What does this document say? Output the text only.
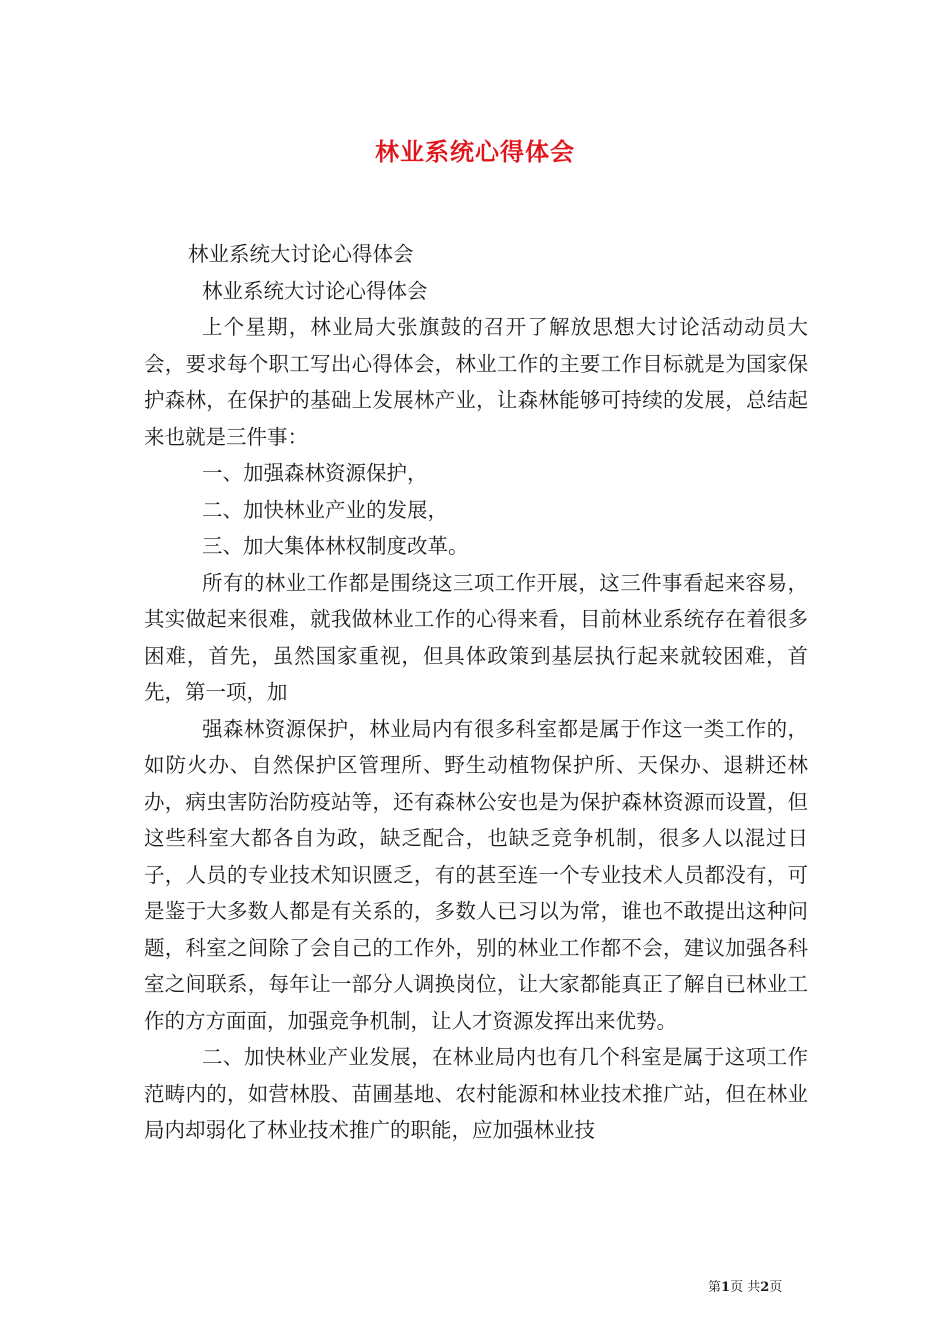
林业系统心得体会

林业系统大讨论心得体会

林业系统大讨论心得体会

上个星期，林业局大张旗鼓的召开了解放思想大讨论活动动员大会，要求每个职工写出心得体会，林业工作的主要工作目标就是为国家保护森林，在保护的基础上发展林产业，让森林能够可持续的发展，总结起来也就是三件事：

一、加强森林资源保护，

二、加快林业产业的发展，

三、加大集体林权制度改革。

所有的林业工作都是围绕这三项工作开展，这三件事看起来容易，其实做起来很难，就我做林业工作的心得来看，目前林业系统存在着很多困难，首先，虽然国家重视，但具体政策到基层执行起来就较困难，首先，第一项，加

强森林资源保护，林业局内有很多科室都是属于作这一类工作的，如防火办、自然保护区管理所、野生动植物保护所、天保办、退耕还林办，病虫害防治防疫站等，还有森林公安也是为保护森林资源而设置，但这些科室大都各自为政，缺乏配合，也缺乏竞争机制，很多人以混过日子，人员的专业技术知识匮乏，有的甚至连一个专业技术人员都没有，可是鉴于大多数人都是有关系的，多数人已习以为常，谁也不敢提出这种问题，科室之间除了会自己的工作外，别的林业工作都不会，建议加强各科室之间联系，每年让一部分人调换岗位，让大家都能真正了解自已林业工作的方方面面，加强竞争机制，让人才资源发挥出来优势。

二、加快林业产业发展，在林业局内也有几个科室是属于这项工作范畴内的，如营林股、苗圃基地、农村能源和林业技术推广站，但在林业局内却弱化了林业技术推广的职能，应加强林业技

第1页 共2页
